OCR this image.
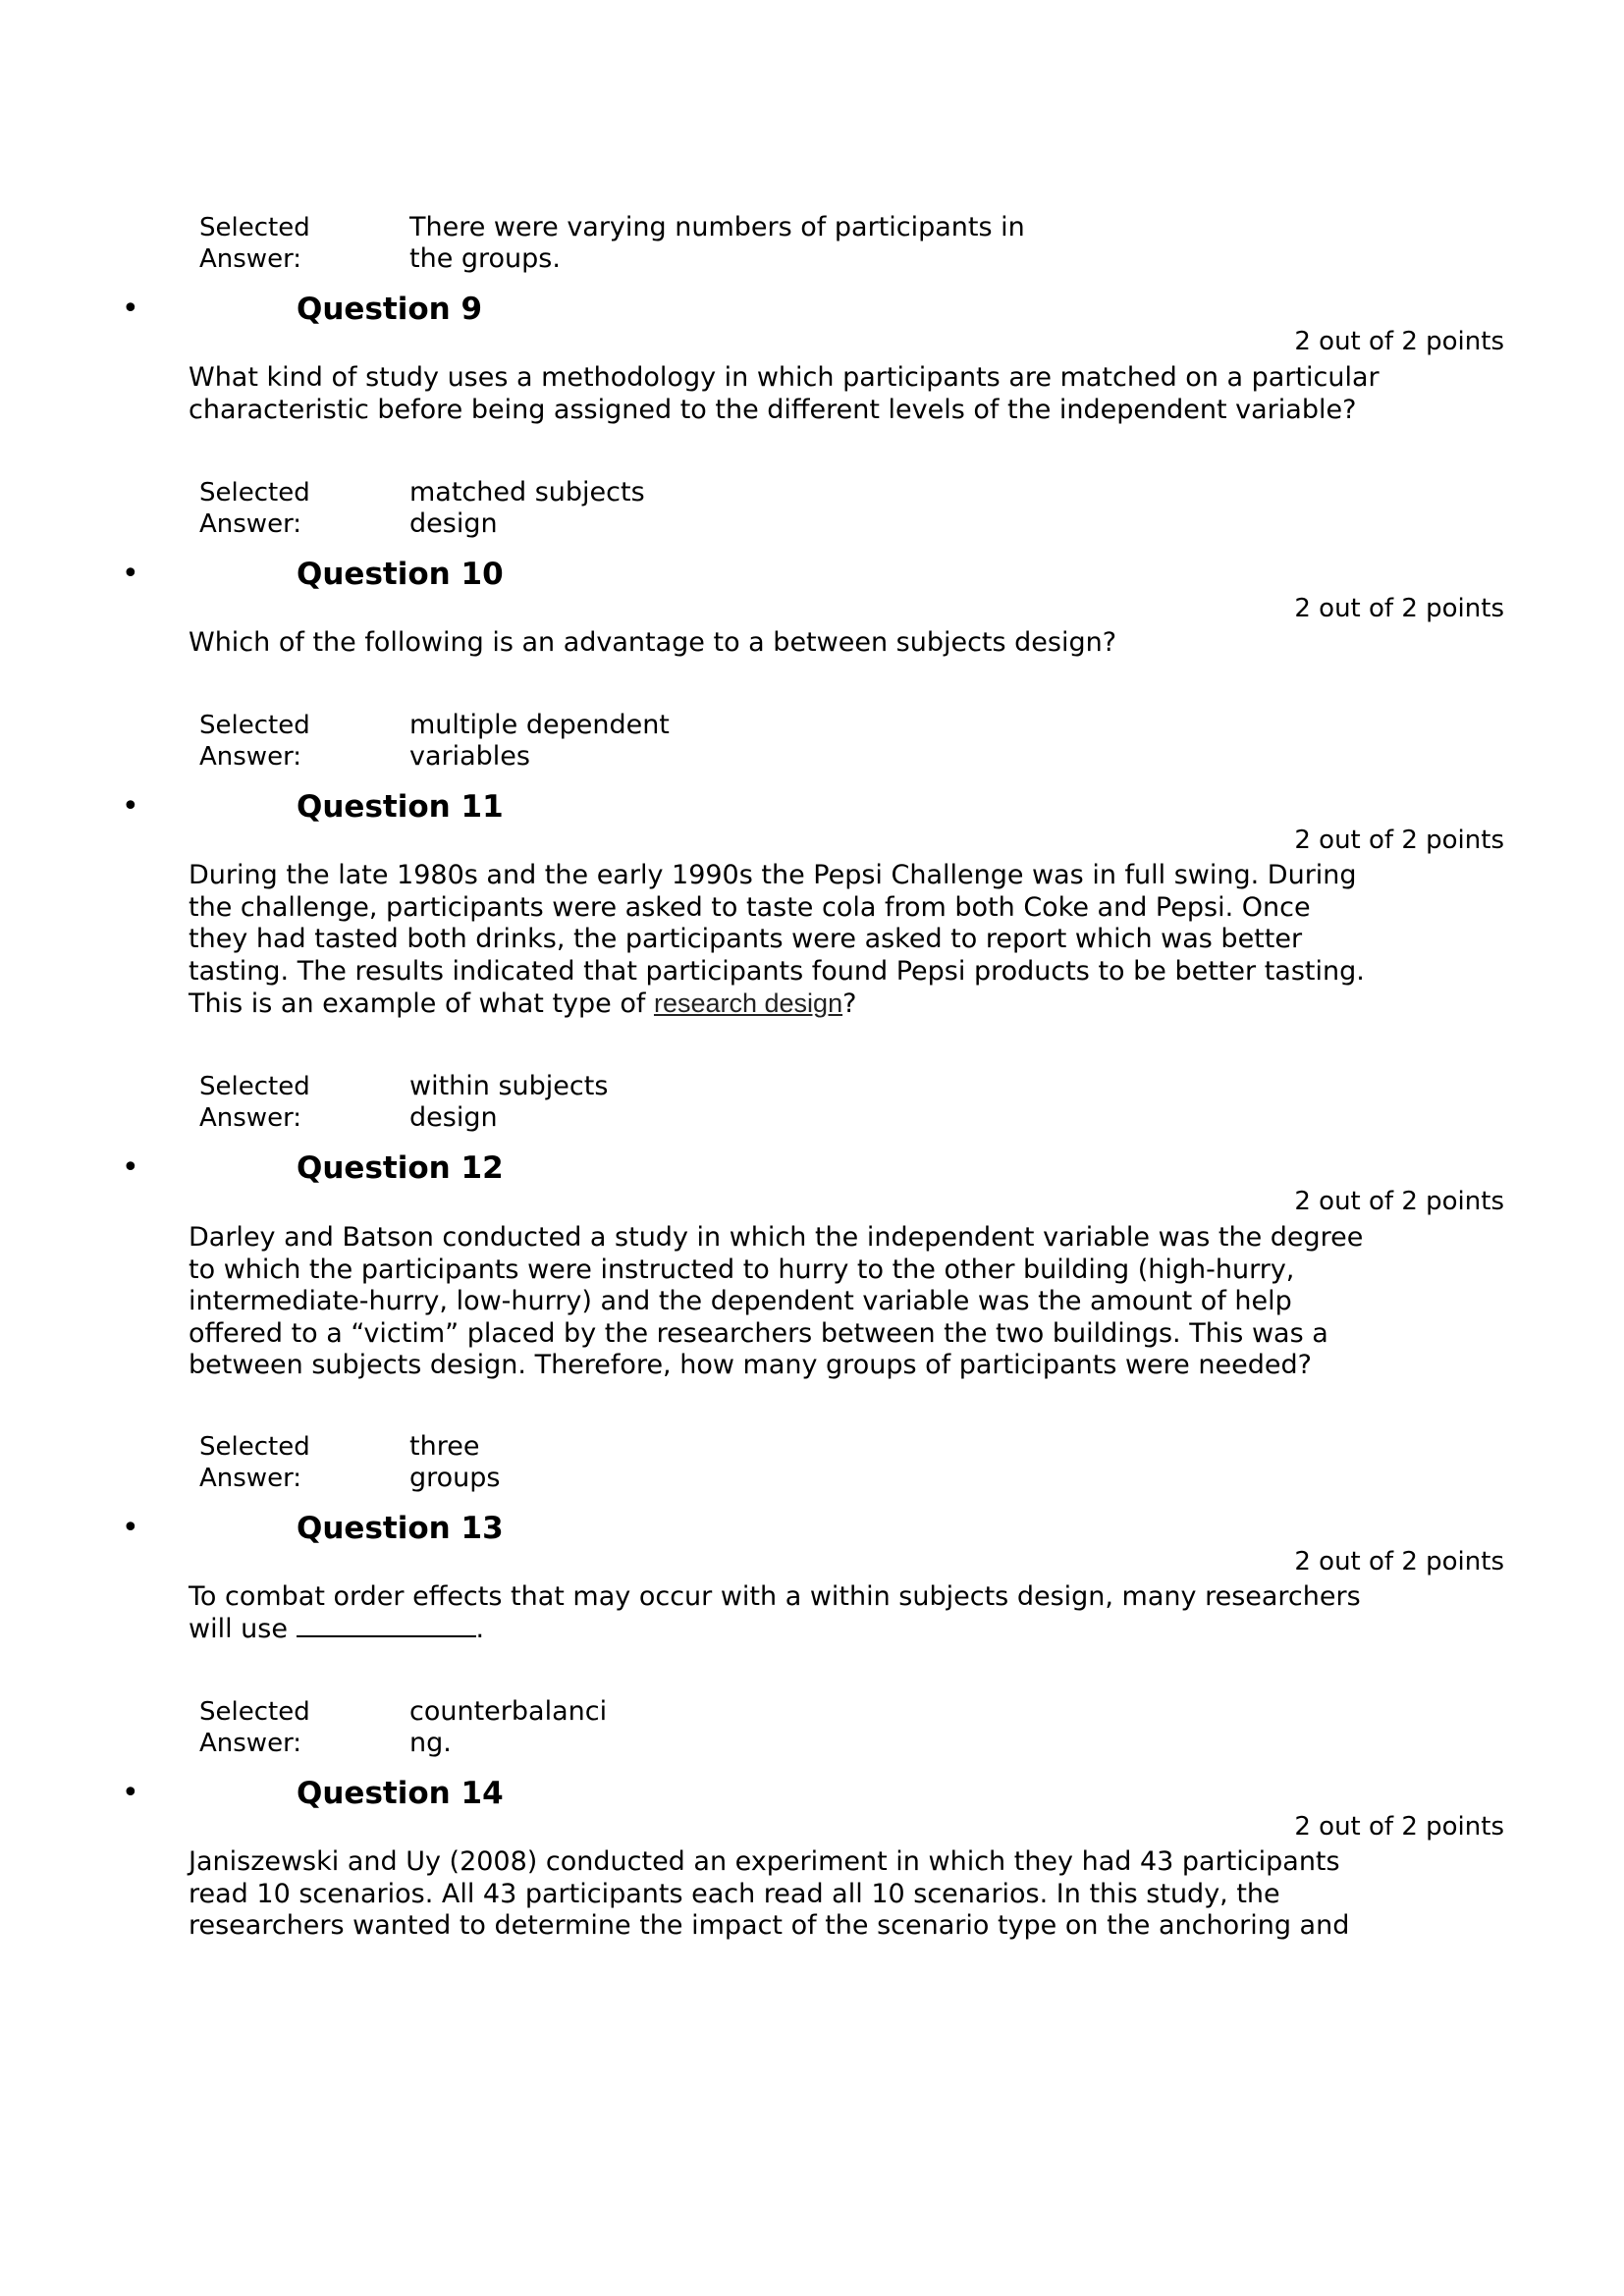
Selected
Answer:
There were varying numbers of participants in
the groups.
•	Question 9
2 out of 2 points
What kind of study uses a methodology in which participants are matched on a particular
characteristic before being assigned to the different levels of the independent variable?
Selected
Answer:
matched subjects
design
•	Question 10
2 out of 2 points
Which of the following is an advantage to a between subjects design?
Selected
Answer:
multiple dependent
variables
•	Question 11
2 out of 2 points
During the late 1980s and the early 1990s the Pepsi Challenge was in full swing. During
the challenge, participants were asked to taste cola from both Coke and Pepsi. Once
they had tasted both drinks, the participants were asked to report which was better
tasting. The results indicated that participants found Pepsi products to be better tasting.
This is an example of what type of research design?
Selected
Answer:
within subjects
design
•	Question 12
2 out of 2 points
Darley and Batson conducted a study in which the independent variable was the degree
to which the participants were instructed to hurry to the other building (high-hurry,
intermediate-hurry, low-hurry) and the dependent variable was the amount of help
offered to a “victim” placed by the researchers between the two buildings. This was a
between subjects design. Therefore, how many groups of participants were needed?
Selected
Answer:
three
groups
•	Question 13
2 out of 2 points
To combat order effects that may occur with a within subjects design, many researchers
will use	.
Selected
Answer:
counterbalanci
ng.
•	Question 14
2 out of 2 points
Janiszewski and Uy (2008) conducted an experiment in which they had 43 participants
read 10 scenarios. All 43 participants each read all 10 scenarios. In this study, the
researchers wanted to determine the impact of the scenario type on the anchoring and
